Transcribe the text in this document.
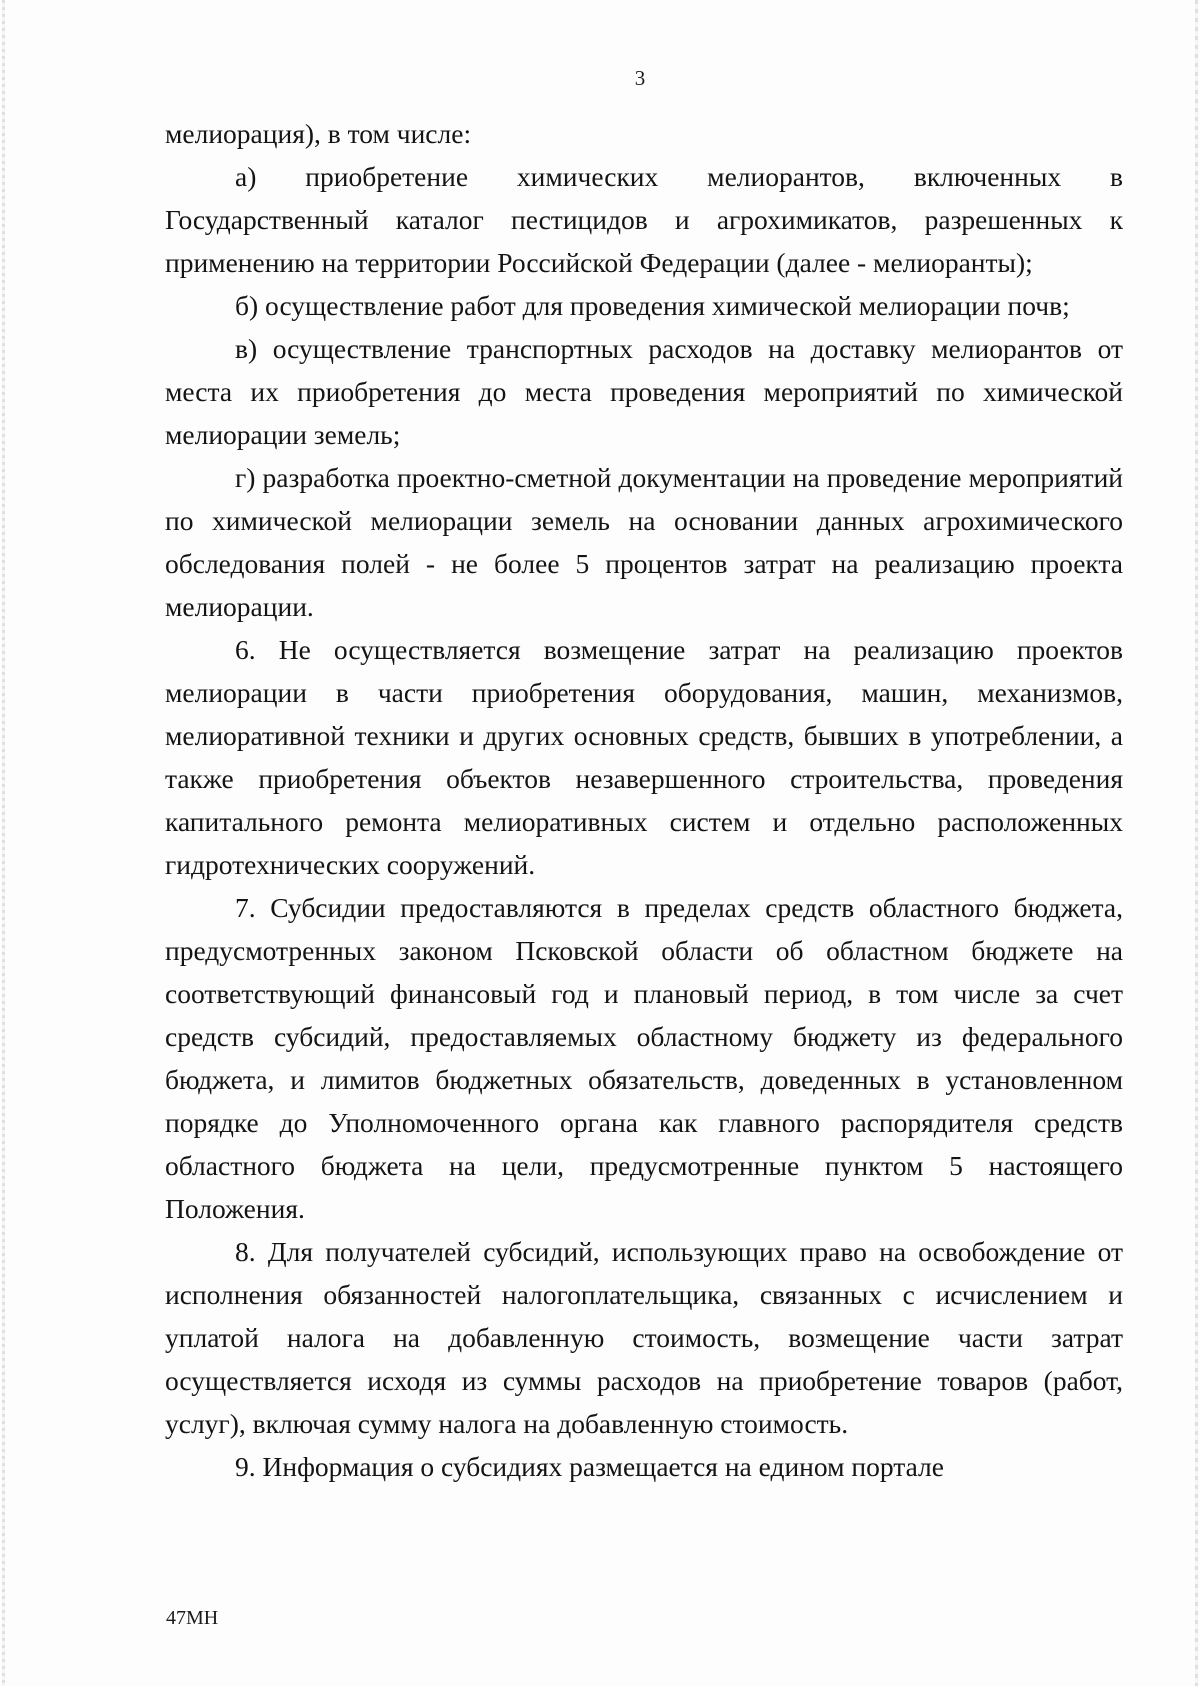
3

мелиорация), в том числе:

а) приобретение химических мелиорантов, включенных в Государственный каталог пестицидов и агрохимикатов, разрешенных к применению на территории Российской Федерации (далее - мелиоранты);

б) осуществление работ для проведения химической мелиорации почв;

в) осуществление транспортных расходов на доставку мелиорантов от места их приобретения до места проведения мероприятий по химической мелиорации земель;

г) разработка проектно-сметной документации на проведение мероприятий по химической мелиорации земель на основании данных агрохимического обследования полей - не более 5 процентов затрат на реализацию проекта мелиорации.

6. Не осуществляется возмещение затрат на реализацию проектов мелиорации в части приобретения оборудования, машин, механизмов, мелиоративной техники и других основных средств, бывших в употреблении, а также приобретения объектов незавершенного строительства, проведения капитального ремонта мелиоративных систем и отдельно расположенных гидротехнических сооружений.

7. Субсидии предоставляются в пределах средств областного бюджета, предусмотренных законом Псковской области об областном бюджете на соответствующий финансовый год и плановый период, в том числе за счет средств субсидий, предоставляемых областному бюджету из федерального бюджета, и лимитов бюджетных обязательств, доведенных в установленном порядке до Уполномоченного органа как главного распорядителя средств областного бюджета на цели, предусмотренные пунктом 5 настоящего Положения.

8. Для получателей субсидий, использующих право на освобождение от исполнения обязанностей налогоплательщика, связанных с исчислением и уплатой налога на добавленную стоимость, возмещение части затрат осуществляется исходя из суммы расходов на приобретение товаров (работ, услуг), включая сумму налога на добавленную стоимость.

9. Информация о субсидиях размещается на едином портале

47МН
